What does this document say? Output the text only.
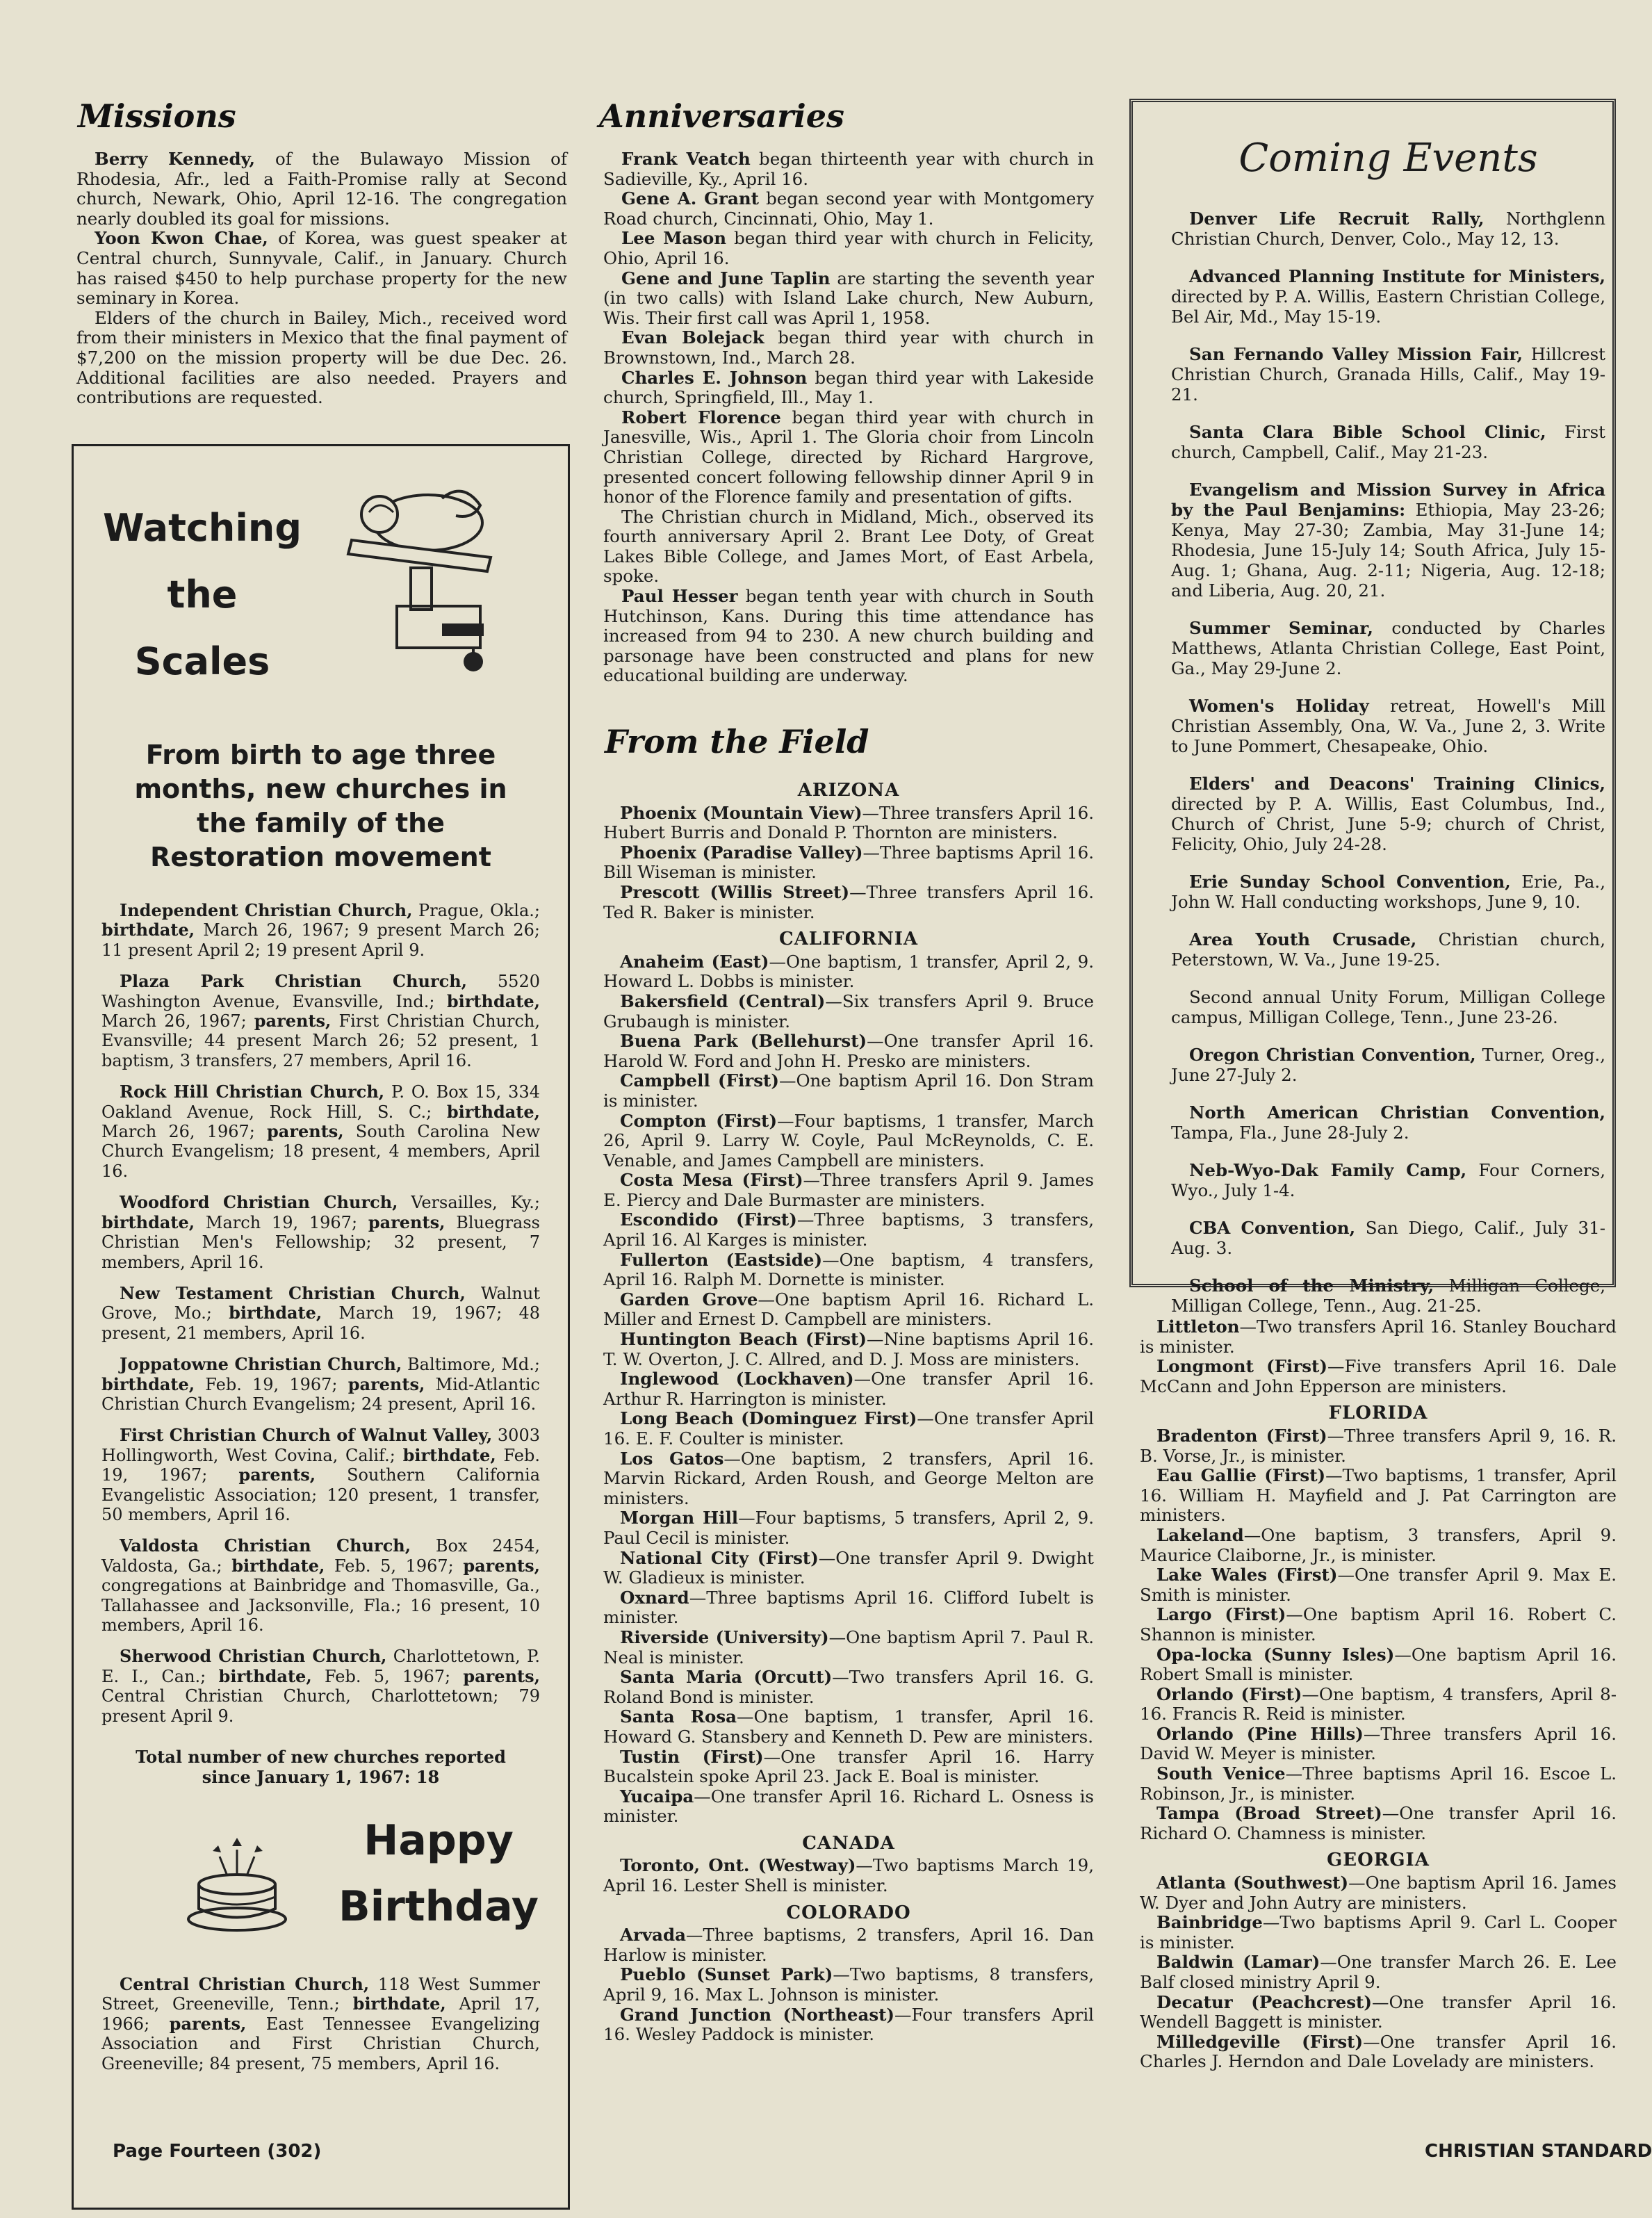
Missions

Berry Kennedy, of the Bulawayo Mission of Rhodesia, Afr., led a Faith-Promise rally at Second church, Newark, Ohio, April 12-16. The congregation nearly doubled its goal for missions.

Yoon Kwon Chae, of Korea, was guest speaker at Central church, Sunnyvale, Calif., in January. Church has raised $450 to help purchase property for the new seminary in Korea.

Elders of the church in Bailey, Mich., received word from their ministers in Mexico that the final payment of $7,200 on the mission property will be due Dec. 26. Additional facilities are also needed. Prayers and contributions are requested.

Watching

the

Scales

From birth to age three months, new churches in the family of the Restoration movement

Independent Christian Church, Prague, Okla.; birthdate, March 26, 1967; 9 present March 26; 11 present April 2; 19 present April 9.

Plaza Park Christian Church, 5520 Washington Avenue, Evansville, Ind.; birthdate, March 26, 1967; parents, First Christian Church, Evansville; 44 present March 26; 52 present, 1 baptism, 3 transfers, 27 members, April 16.

Rock Hill Christian Church, P. O. Box 15, 334 Oakland Avenue, Rock Hill, S. C.; birthdate, March 26, 1967; parents, South Carolina New Church Evangelism; 18 present, 4 members, April 16.

Woodford Christian Church, Versailles, Ky.; birthdate, March 19, 1967; parents, Bluegrass Christian Men's Fellowship; 32 present, 7 members, April 16.

New Testament Christian Church, Walnut Grove, Mo.; birthdate, March 19, 1967; 48 present, 21 members, April 16.

Joppatowne Christian Church, Baltimore, Md.; birthdate, Feb. 19, 1967; parents, Mid-Atlantic Christian Church Evangelism; 24 present, April 16.

First Christian Church of Walnut Valley, 3003 Hollingworth, West Covina, Calif.; birthdate, Feb. 19, 1967; parents, Southern California Evangelistic Association; 120 present, 1 transfer, 50 members, April 16.

Valdosta Christian Church, Box 2454, Valdosta, Ga.; birthdate, Feb. 5, 1967; parents, congregations at Bainbridge and Thomasville, Ga., Tallahassee and Jacksonville, Fla.; 16 present, 10 members, April 16.

Sherwood Christian Church, Charlottetown, P. E. I., Can.; birthdate, Feb. 5, 1967; parents, Central Christian Church, Charlottetown; 79 present April 9.

Total number of new churches reported

since January 1, 1967: 18

Happy

Birthday

Central Christian Church, 118 West Summer Street, Greeneville, Tenn.; birthdate, April 17, 1966; parents, East Tennessee Evangelizing Association and First Christian Church, Greeneville; 84 present, 75 members, April 16.

Anniversaries

Frank Veatch began thirteenth year with church in Sadieville, Ky., April 16.

Gene A. Grant began second year with Montgomery Road church, Cincinnati, Ohio, May 1.

Lee Mason began third year with church in Felicity, Ohio, April 16.

Gene and June Taplin are starting the seventh year (in two calls) with Island Lake church, New Auburn, Wis. Their first call was April 1, 1958.

Evan Bolejack began third year with church in Brownstown, Ind., March 28.

Charles E. Johnson began third year with Lakeside church, Springfield, Ill., May 1.

Robert Florence began third year with church in Janesville, Wis., April 1. The Gloria choir from Lincoln Christian College, directed by Richard Hargrove, presented concert following fellowship dinner April 9 in honor of the Florence family and presentation of gifts.

The Christian church in Midland, Mich., observed its fourth anniversary April 2. Brant Lee Doty, of Great Lakes Bible College, and James Mort, of East Arbela, spoke.

Paul Hesser began tenth year with church in South Hutchinson, Kans. During this time attendance has increased from 94 to 230. A new church building and parsonage have been constructed and plans for new educational building are underway.

From the Field
ARIZONA

Phoenix (Mountain View)—Three transfers April 16. Hubert Burris and Donald P. Thornton are ministers.

Phoenix (Paradise Valley)—Three baptisms April 16. Bill Wiseman is minister.

Prescott (Willis Street)—Three transfers April 16. Ted R. Baker is minister.

CALIFORNIA

Anaheim (East)—One baptism, 1 transfer, April 2, 9. Howard L. Dobbs is minister.

Bakersfield (Central)—Six transfers April 9. Bruce Grubaugh is minister.

Buena Park (Bellehurst)—One transfer April 16. Harold W. Ford and John H. Presko are ministers.

Campbell (First)—One baptism April 16. Don Stram is minister.

Compton (First)—Four baptisms, 1 transfer, March 26, April 9. Larry W. Coyle, Paul McReynolds, C. E. Venable, and James Campbell are ministers.

Costa Mesa (First)—Three transfers April 9. James E. Piercy and Dale Burmaster are ministers.

Escondido (First)—Three baptisms, 3 transfers, April 16. Al Karges is minister.

Fullerton (Eastside)—One baptism, 4 transfers, April 16. Ralph M. Dornette is minister.

Garden Grove—One baptism April 16. Richard L. Miller and Ernest D. Campbell are ministers.

Huntington Beach (First)—Nine baptisms April 16. T. W. Overton, J. C. Allred, and D. J. Moss are ministers.

Inglewood (Lockhaven)—One transfer April 16. Arthur R. Harrington is minister.

Long Beach (Dominguez First)—One transfer April 16. E. F. Coulter is minister.

Los Gatos—One baptism, 2 transfers, April 16. Marvin Rickard, Arden Roush, and George Melton are ministers.

Morgan Hill—Four baptisms, 5 transfers, April 2, 9. Paul Cecil is minister.

National City (First)—One transfer April 9. Dwight W. Gladieux is minister.

Oxnard—Three baptisms April 16. Clifford Iubelt is minister.

Riverside (University)—One baptism April 7. Paul R. Neal is minister.

Santa Maria (Orcutt)—Two transfers April 16. G. Roland Bond is minister.

Santa Rosa—One baptism, 1 transfer, April 16. Howard G. Stansbery and Kenneth D. Pew are ministers.

Tustin (First)—One transfer April 16. Harry Bucalstein spoke April 23. Jack E. Boal is minister.

Yucaipa—One transfer April 16. Richard L. Osness is minister.

CANADA

Toronto, Ont. (Westway)—Two baptisms March 19, April 16. Lester Shell is minister.

COLORADO

Arvada—Three baptisms, 2 transfers, April 16. Dan Harlow is minister.

Pueblo (Sunset Park)—Two baptisms, 8 transfers, April 9, 16. Max L. Johnson is minister.

Grand Junction (Northeast)—Four transfers April 16. Wesley Paddock is minister.

Coming Events

Denver Life Recruit Rally, Northglenn Christian Church, Denver, Colo., May 12, 13.

Advanced Planning Institute for Ministers, directed by P. A. Willis, Eastern Christian College, Bel Air, Md., May 15-19.

San Fernando Valley Mission Fair, Hillcrest Christian Church, Granada Hills, Calif., May 19-21.

Santa Clara Bible School Clinic, First church, Campbell, Calif., May 21-23.

Evangelism and Mission Survey in Africa by the Paul Benjamins: Ethiopia, May 23-26; Kenya, May 27-30; Zambia, May 31-June 14; Rhodesia, June 15-July 14; South Africa, July 15-Aug. 1; Ghana, Aug. 2-11; Nigeria, Aug. 12-18; and Liberia, Aug. 20, 21.

Summer Seminar, conducted by Charles Matthews, Atlanta Christian College, East Point, Ga., May 29-June 2.

Women's Holiday retreat, Howell's Mill Christian Assembly, Ona, W. Va., June 2, 3. Write to June Pommert, Chesapeake, Ohio.

Elders' and Deacons' Training Clinics, directed by P. A. Willis, East Columbus, Ind., Church of Christ, June 5-9; church of Christ, Felicity, Ohio, July 24-28.

Erie Sunday School Convention, Erie, Pa., John W. Hall conducting workshops, June 9, 10.

Area Youth Crusade, Christian church, Peterstown, W. Va., June 19-25.

Second annual Unity Forum, Milligan College campus, Milligan College, Tenn., June 23-26.

Oregon Christian Convention, Turner, Oreg., June 27-July 2.

North American Christian Convention, Tampa, Fla., June 28-July 2.

Neb-Wyo-Dak Family Camp, Four Corners, Wyo., July 1-4.

CBA Convention, San Diego, Calif., July 31-Aug. 3.

School of the Ministry, Milligan College, Milligan College, Tenn., Aug. 21-25.

Littleton—Two transfers April 16. Stanley Bouchard is minister.

Longmont (First)—Five transfers April 16. Dale McCann and John Epperson are ministers.

FLORIDA

Bradenton (First)—Three transfers April 9, 16. R. B. Vorse, Jr., is minister.

Eau Gallie (First)—Two baptisms, 1 transfer, April 16. William H. Mayfield and J. Pat Carrington are ministers.

Lakeland—One baptism, 3 transfers, April 9. Maurice Claiborne, Jr., is minister.

Lake Wales (First)—One transfer April 9. Max E. Smith is minister.

Largo (First)—One baptism April 16. Robert C. Shannon is minister.

Opa-locka (Sunny Isles)—One baptism April 16. Robert Small is minister.

Orlando (First)—One baptism, 4 transfers, April 8-16. Francis R. Reid is minister.

Orlando (Pine Hills)—Three transfers April 16. David W. Meyer is minister.

South Venice—Three baptisms April 16. Escoe L. Robinson, Jr., is minister.

Tampa (Broad Street)—One transfer April 16. Richard O. Chamness is minister.

GEORGIA

Atlanta (Southwest)—One baptism April 16. James W. Dyer and John Autry are ministers.

Bainbridge—Two baptisms April 9. Carl L. Cooper is minister.

Baldwin (Lamar)—One transfer March 26. E. Lee Balf closed ministry April 9.

Decatur (Peachcrest)—One transfer April 16. Wendell Baggett is minister.

Milledgeville (First)—One transfer April 16. Charles J. Herndon and Dale Lovelady are ministers.

Page Fourteen (302)	CHRISTIAN STANDARD
